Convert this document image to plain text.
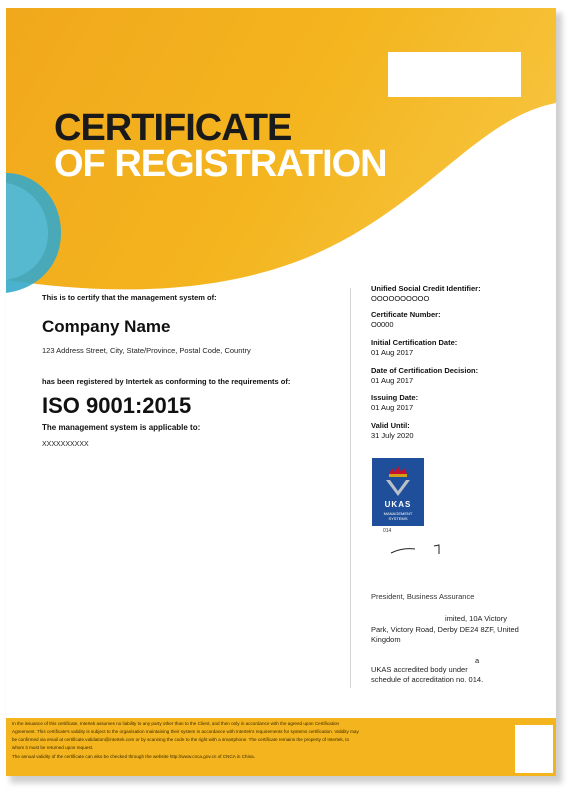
CERTIFICATE
OF REGISTRATION
This is to certify that the management system of:
Company Name
123 Address Street, City, State/Province, Postal Code, Country
has been registered by Intertek as conforming to the requirements of:
ISO 9001:2015
The management system is applicable to:
XXXXXXXXXX
Unified Social Credit Identifier:
OOOOOOOOOO
Certificate Number:
O0000
Initial Certification Date:
01 Aug 2017
Date of Certification Decision:
01 Aug 2017
Issuing Date:
01 Aug 2017
Valid Until:
31 July 2020
UKAS
MANAGEMENT
SYSTEMS
014
President, Business Assurance
imited, 10A Victory
Park, Victory Road, Derby DE24 8ZF, United
Kingdom
a
UKAS accredited body under
schedule of accreditation no. 014.
In the issuance of this certificate, Intertek assumes no liability to any party other than to the Client, and then only in accordance with the agreed upon Certification
Agreement. This certificate's validity is subject to the organisation maintaining their system in accordance with Intertek's requirements for systems certification. Validity may
be confirmed via email at certificate.validation@intertek.com or by scanning the code to the right with a smartphone. The certificate remains the property of Intertek, to
whom it must be returned upon request.
The annual validity of the certificate can also be checked through the website http://www.cnca.gov.cn of CNCA in China.
